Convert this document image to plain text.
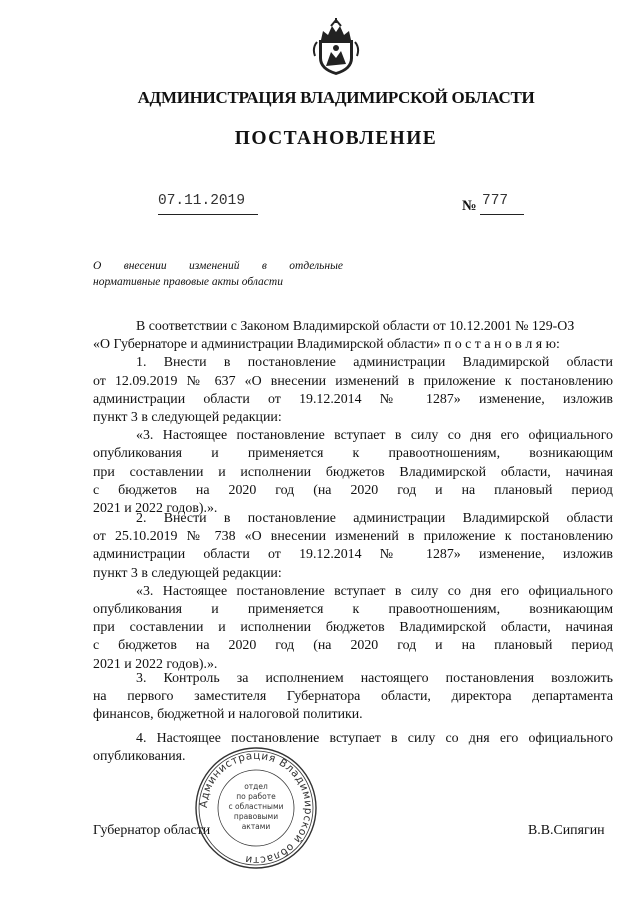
АДМИНИСТРАЦИЯ ВЛАДИМИРСКОЙ ОБЛАСТИ
ПОСТАНОВЛЕНИЕ
07.11.2019	№ 777
О внесении изменений в отдельные
нормативные правовые акты области

В соответствии с Законом Владимирской области от 10.12.2001 № 129-ОЗ

«О Губернаторе и администрации Владимирской области» п о с т а н о в л я ю:

1. Внести в постановление администрации Владимирской области

от 12.09.2019 № 637 «О внесении изменений в приложение к постановлению

администрации области от 19.12.2014 № 1287» изменение, изложив

пункт 3 в следующей редакции:

«3. Настоящее постановление вступает в силу со дня его официального

опубликования и применяется к правоотношениям, возникающим

при составлении и исполнении бюджетов Владимирской области, начиная

с бюджетов на 2020 год (на 2020 год и на плановый период

2021 и 2022 годов).».

2. Внести в постановление администрации Владимирской области

от 25.10.2019 № 738 «О внесении изменений в приложение к постановлению

администрации области от 19.12.2014 № 1287» изменение, изложив

пункт 3 в следующей редакции:

«3. Настоящее постановление вступает в силу со дня его официального

опубликования и применяется к правоотношениям, возникающим

при составлении и исполнении бюджетов Владимирской области, начиная

с бюджетов на 2020 год (на 2020 год и на плановый период

2021 и 2022 годов).».

3. Контроль за исполнением настоящего постановления возложить

на первого заместителя Губернатора области, директора департамента

финансов, бюджетной и налоговой политики.

4. Настоящее постановление вступает в силу со дня его официального

опубликования.

Губернатор области	В.В.Сипягин
Администрация Владимирской области
отдел
по работе
с областными
правовыми
актами
